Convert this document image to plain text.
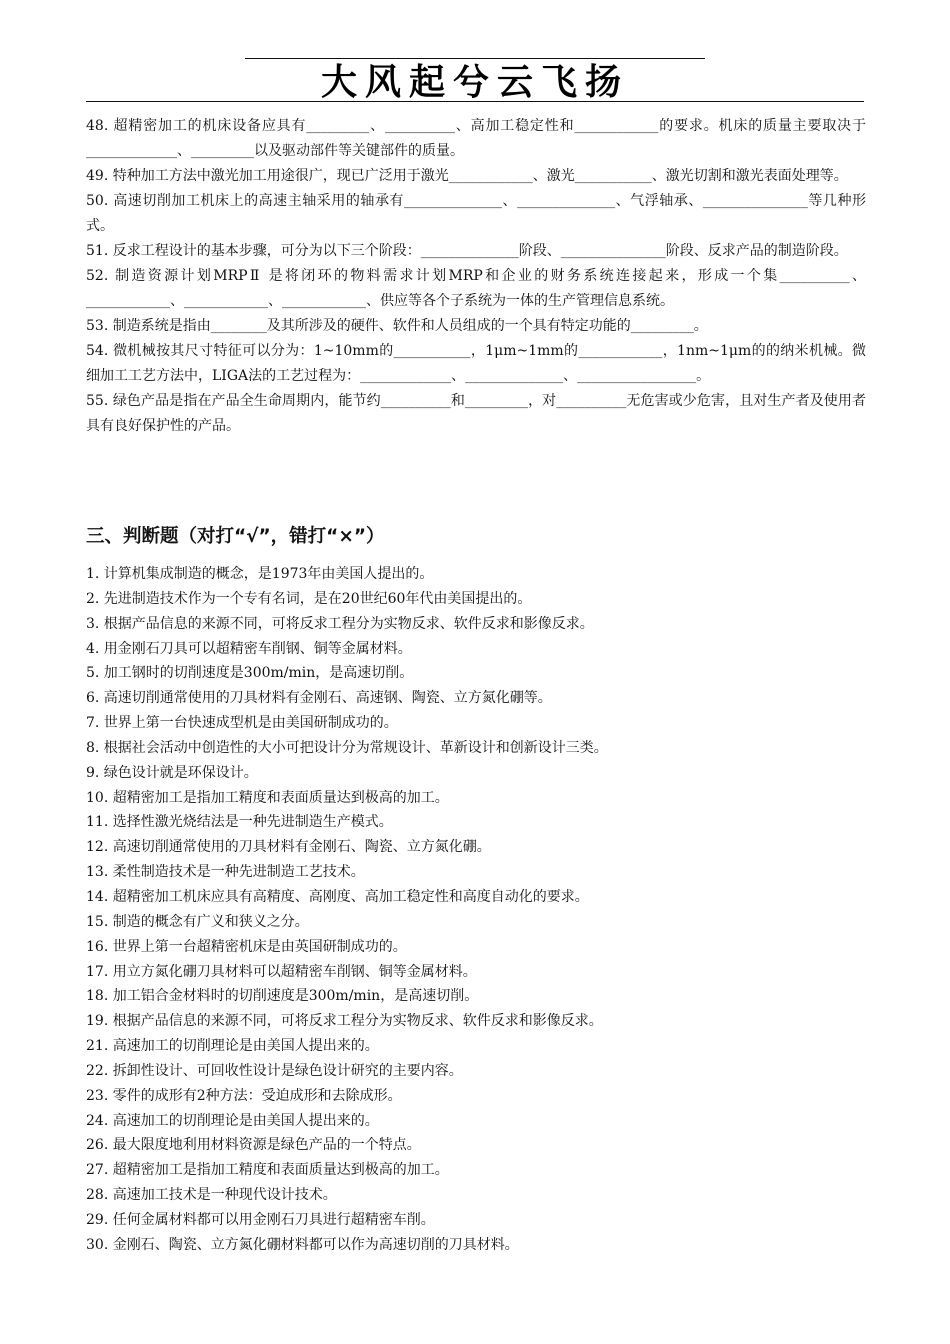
大风起兮云飞扬

48. 超精密加工的机床设备应具有_________、__________、高加工稳定性和____________的要求。机床的质量主要取决于_____________、_________以及驱动部件等关键部件的质量。

49. 特种加工方法中激光加工用途很广，现已广泛用于激光____________、激光___________、激光切割和激光表面处理等。

50. 高速切削加工机床上的高速主轴采用的轴承有______________、______________、气浮轴承、_______________等几种形式。

51. 反求工程设计的基本步骤，可分为以下三个阶段：______________阶段、_______________阶段、反求产品的制造阶段。

52. 制造资源计划MRPⅡ 是将闭环的物料需求计划MRP和企业的财务系统连接起来，形成一个集__________、____________、____________、____________、供应等各个子系统为一体的生产管理信息系统。

53. 制造系统是指由________及其所涉及的硬件、软件和人员组成的一个具有特定功能的_________。

54. 微机械按其尺寸特征可以分为：1~10mm的___________，1μm~1mm的____________，1nm~1μm的的纳米机械。微细加工工艺方法中，LIGA法的工艺过程为：_____________、______________、_________________。

55. 绿色产品是指在产品全生命周期内，能节约__________和_________，对__________无危害或少危害，且对生产者及使用者具有良好保护性的产品。

三、判断题（对打“√”，错打“×”）
1. 计算机集成制造的概念，是1973年由美国人提出的。
2. 先进制造技术作为一个专有名词，是在20世纪60年代由美国提出的。
3. 根据产品信息的来源不同，可将反求工程分为实物反求、软件反求和影像反求。
4. 用金刚石刀具可以超精密车削钢、铜等金属材料。
5. 加工钢时的切削速度是300m/min，是高速切削。
6. 高速切削通常使用的刀具材料有金刚石、高速钢、陶瓷、立方氮化硼等。
7. 世界上第一台快速成型机是由美国研制成功的。
8. 根据社会活动中创造性的大小可把设计分为常规设计、革新设计和创新设计三类。
9. 绿色设计就是环保设计。
10. 超精密加工是指加工精度和表面质量达到极高的加工。
11. 选择性激光烧结法是一种先进制造生产模式。
12. 高速切削通常使用的刀具材料有金刚石、陶瓷、立方氮化硼。
13. 柔性制造技术是一种先进制造工艺技术。
14. 超精密加工机床应具有高精度、高刚度、高加工稳定性和高度自动化的要求。
15. 制造的概念有广义和狭义之分。
16. 世界上第一台超精密机床是由英国研制成功的。
17. 用立方氮化硼刀具材料可以超精密车削钢、铜等金属材料。
18. 加工铝合金材料时的切削速度是300m/min，是高速切削。
19. 根据产品信息的来源不同，可将反求工程分为实物反求、软件反求和影像反求。
21. 高速加工的切削理论是由美国人提出来的。
22. 拆卸性设计、可回收性设计是绿色设计研究的主要内容。
23. 零件的成形有2种方法：受迫成形和去除成形。
24. 高速加工的切削理论是由美国人提出来的。
26. 最大限度地利用材料资源是绿色产品的一个特点。
27. 超精密加工是指加工精度和表面质量达到极高的加工。
28. 高速加工技术是一种现代设计技术。
29. 任何金属材料都可以用金刚石刀具进行超精密车削。
30. 金刚石、陶瓷、立方氮化硼材料都可以作为高速切削的刀具材料。
